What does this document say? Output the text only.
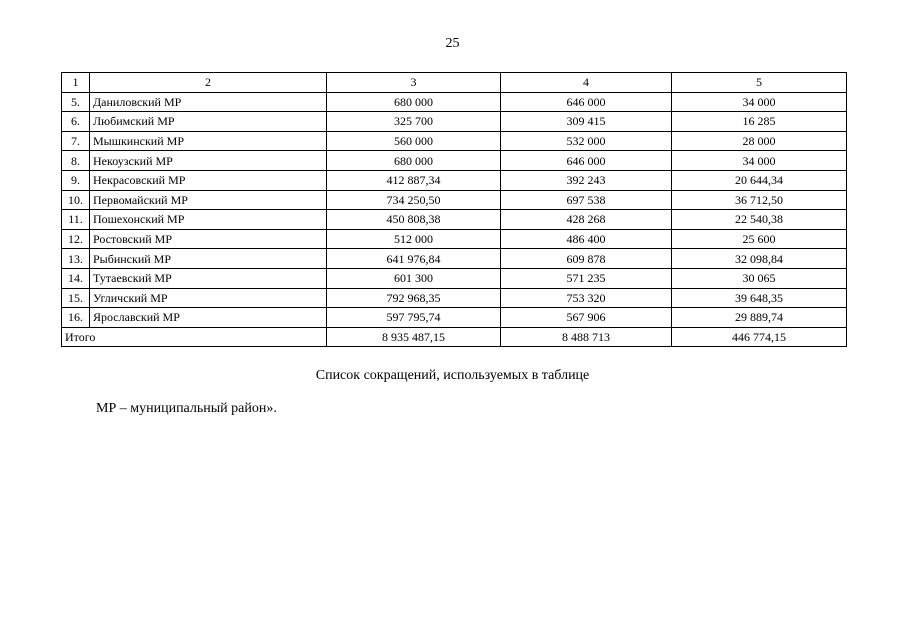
25
1	2	3	4	5
5.	Даниловский МР	680 000	646 000	34 000
6.	Любимский МР	325 700	309 415	16 285
7.	Мышкинский МР	560 000	532 000	28 000
8.	Некоузский МР	680 000	646 000	34 000
9.	Некрасовский МР	412 887,34	392 243	20 644,34
10.	Первомайский МР	734 250,50	697 538	36 712,50
11.	Пошехонский МР	450 808,38	428 268	22 540,38
12.	Ростовский МР	512 000	486 400	25 600
13.	Рыбинский МР	641 976,84	609 878	32 098,84
14.	Тутаевский МР	601 300	571 235	30 065
15.	Угличский МР	792 968,35	753 320	39 648,35
16.	Ярославский МР	597 795,74	567 906	29 889,74
Итого		8 935 487,15	8 488 713	446 774,15
Список сокращений, используемых в таблице
МР – муниципальный район».
